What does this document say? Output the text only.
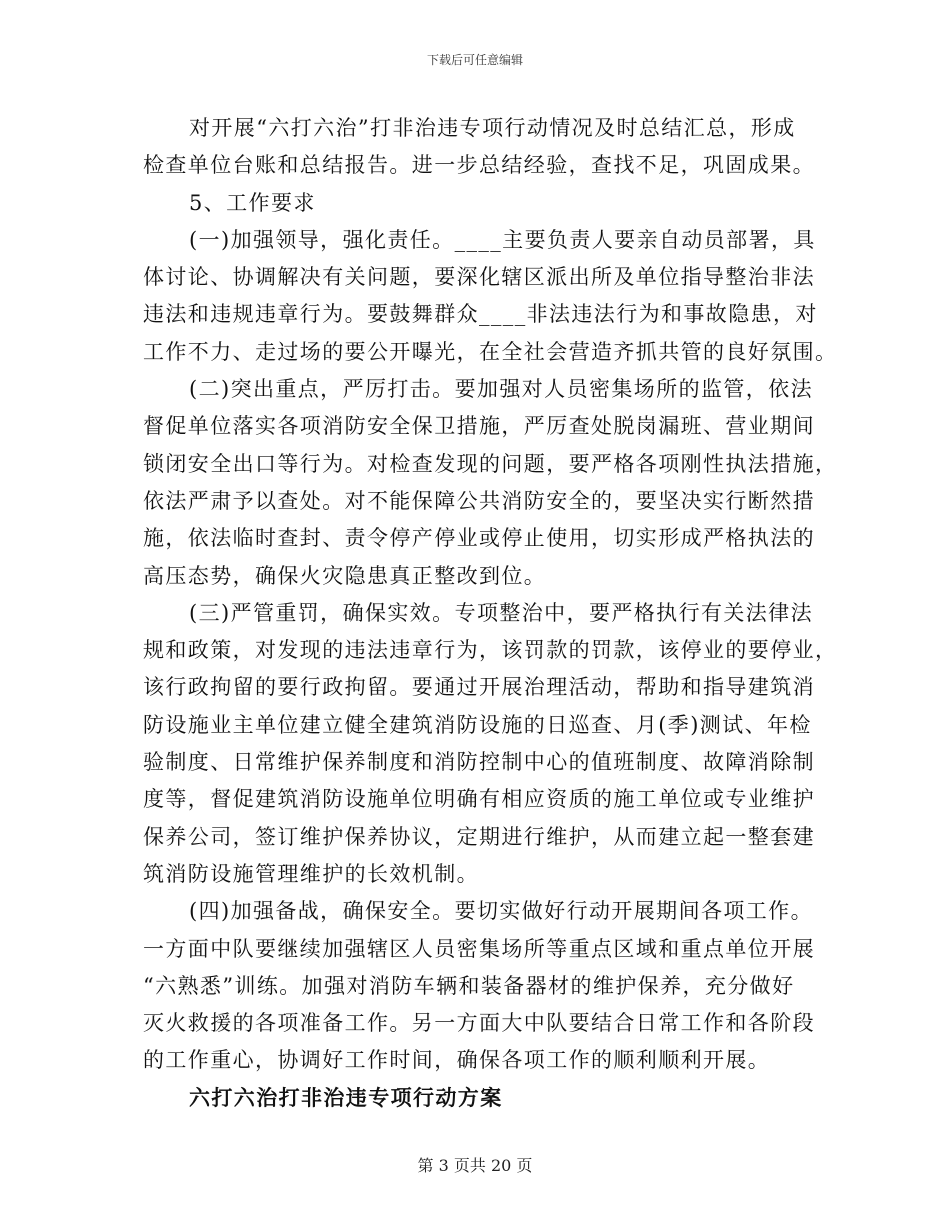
下载后可任意编辑
对开展“六打六治”打非治违专项行动情况及时总结汇总，形成
检查单位台账和总结报告。进一步总结经验，查找不足，巩固成果。
5、工作要求
(一)加强领导，强化责任。____主要负责人要亲自动员部署，具
体讨论、协调解决有关问题，要深化辖区派出所及单位指导整治非法
违法和违规违章行为。要鼓舞群众____非法违法行为和事故隐患，对
工作不力、走过场的要公开曝光，在全社会营造齐抓共管的良好氛围。
(二)突出重点，严厉打击。要加强对人员密集场所的监管，依法
督促单位落实各项消防安全保卫措施，严厉查处脱岗漏班、营业期间
锁闭安全出口等行为。对检查发现的问题，要严格各项刚性执法措施，
依法严肃予以查处。对不能保障公共消防安全的，要坚决实行断然措
施，依法临时查封、责令停产停业或停止使用，切实形成严格执法的
高压态势，确保火灾隐患真正整改到位。
(三)严管重罚，确保实效。专项整治中，要严格执行有关法律法
规和政策，对发现的违法违章行为，该罚款的罚款，该停业的要停业，
该行政拘留的要行政拘留。要通过开展治理活动，帮助和指导建筑消
防设施业主单位建立健全建筑消防设施的日巡查、月(季)测试、年检
验制度、日常维护保养制度和消防控制中心的值班制度、故障消除制
度等，督促建筑消防设施单位明确有相应资质的施工单位或专业维护
保养公司，签订维护保养协议，定期进行维护，从而建立起一整套建
筑消防设施管理维护的长效机制。
(四)加强备战，确保安全。要切实做好行动开展期间各项工作。
一方面中队要继续加强辖区人员密集场所等重点区域和重点单位开展
“六熟悉”训练。加强对消防车辆和装备器材的维护保养，充分做好
灭火救援的各项准备工作。另一方面大中队要结合日常工作和各阶段
的工作重心，协调好工作时间，确保各项工作的顺利顺利开展。
六打六治打非治违专项行动方案
第 3 页共 20 页
